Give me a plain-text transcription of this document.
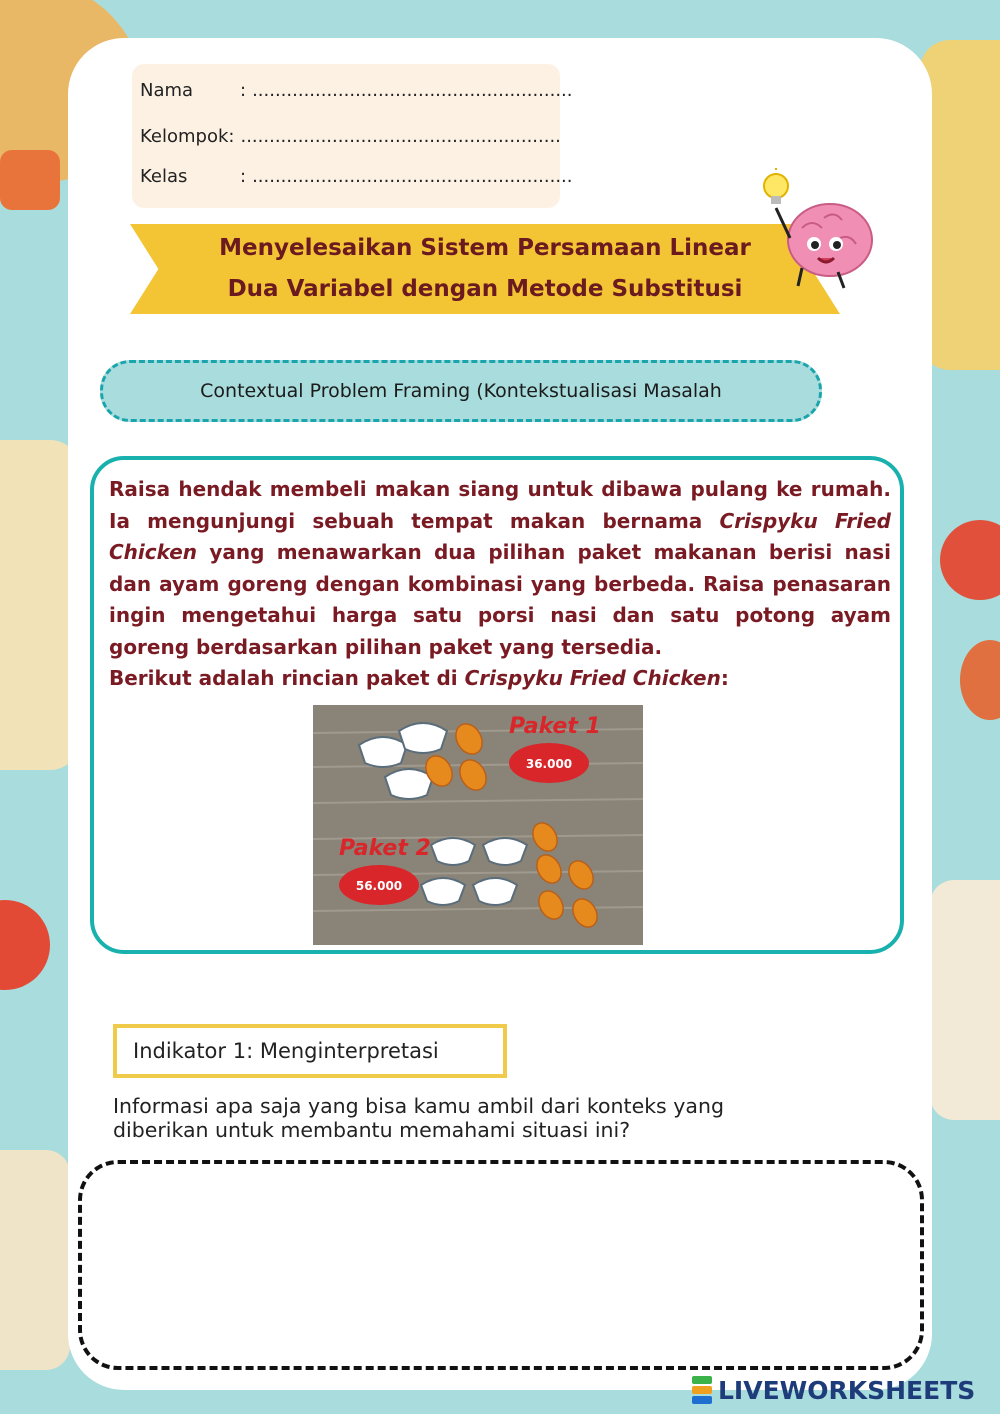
Nama	: ........................................................
Kelompok : ........................................................
Kelas	: ........................................................
Menyelesaikan Sistem Persamaan Linear
Dua Variabel dengan Metode Substitusi
Contextual Problem Framing (Kontekstualisasi Masalah

Raisa hendak membeli makan siang untuk dibawa pulang ke rumah. Ia mengunjungi sebuah tempat makan bernama Crispyku Fried Chicken yang menawarkan dua pilihan paket makanan berisi nasi dan ayam goreng dengan kombinasi yang berbeda. Raisa penasaran ingin mengetahui harga satu porsi nasi dan satu potong ayam goreng berdasarkan pilihan paket yang tersedia.

Berikut adalah rincian paket di Crispyku Fried Chicken:

Paket 1
36.000
Paket 2
56.000
Indikator 1: Menginterpretasi
Informasi apa saja yang bisa kamu ambil dari konteks yang
diberikan untuk membantu memahami situasi ini?
LIVEWORKSHEETS
